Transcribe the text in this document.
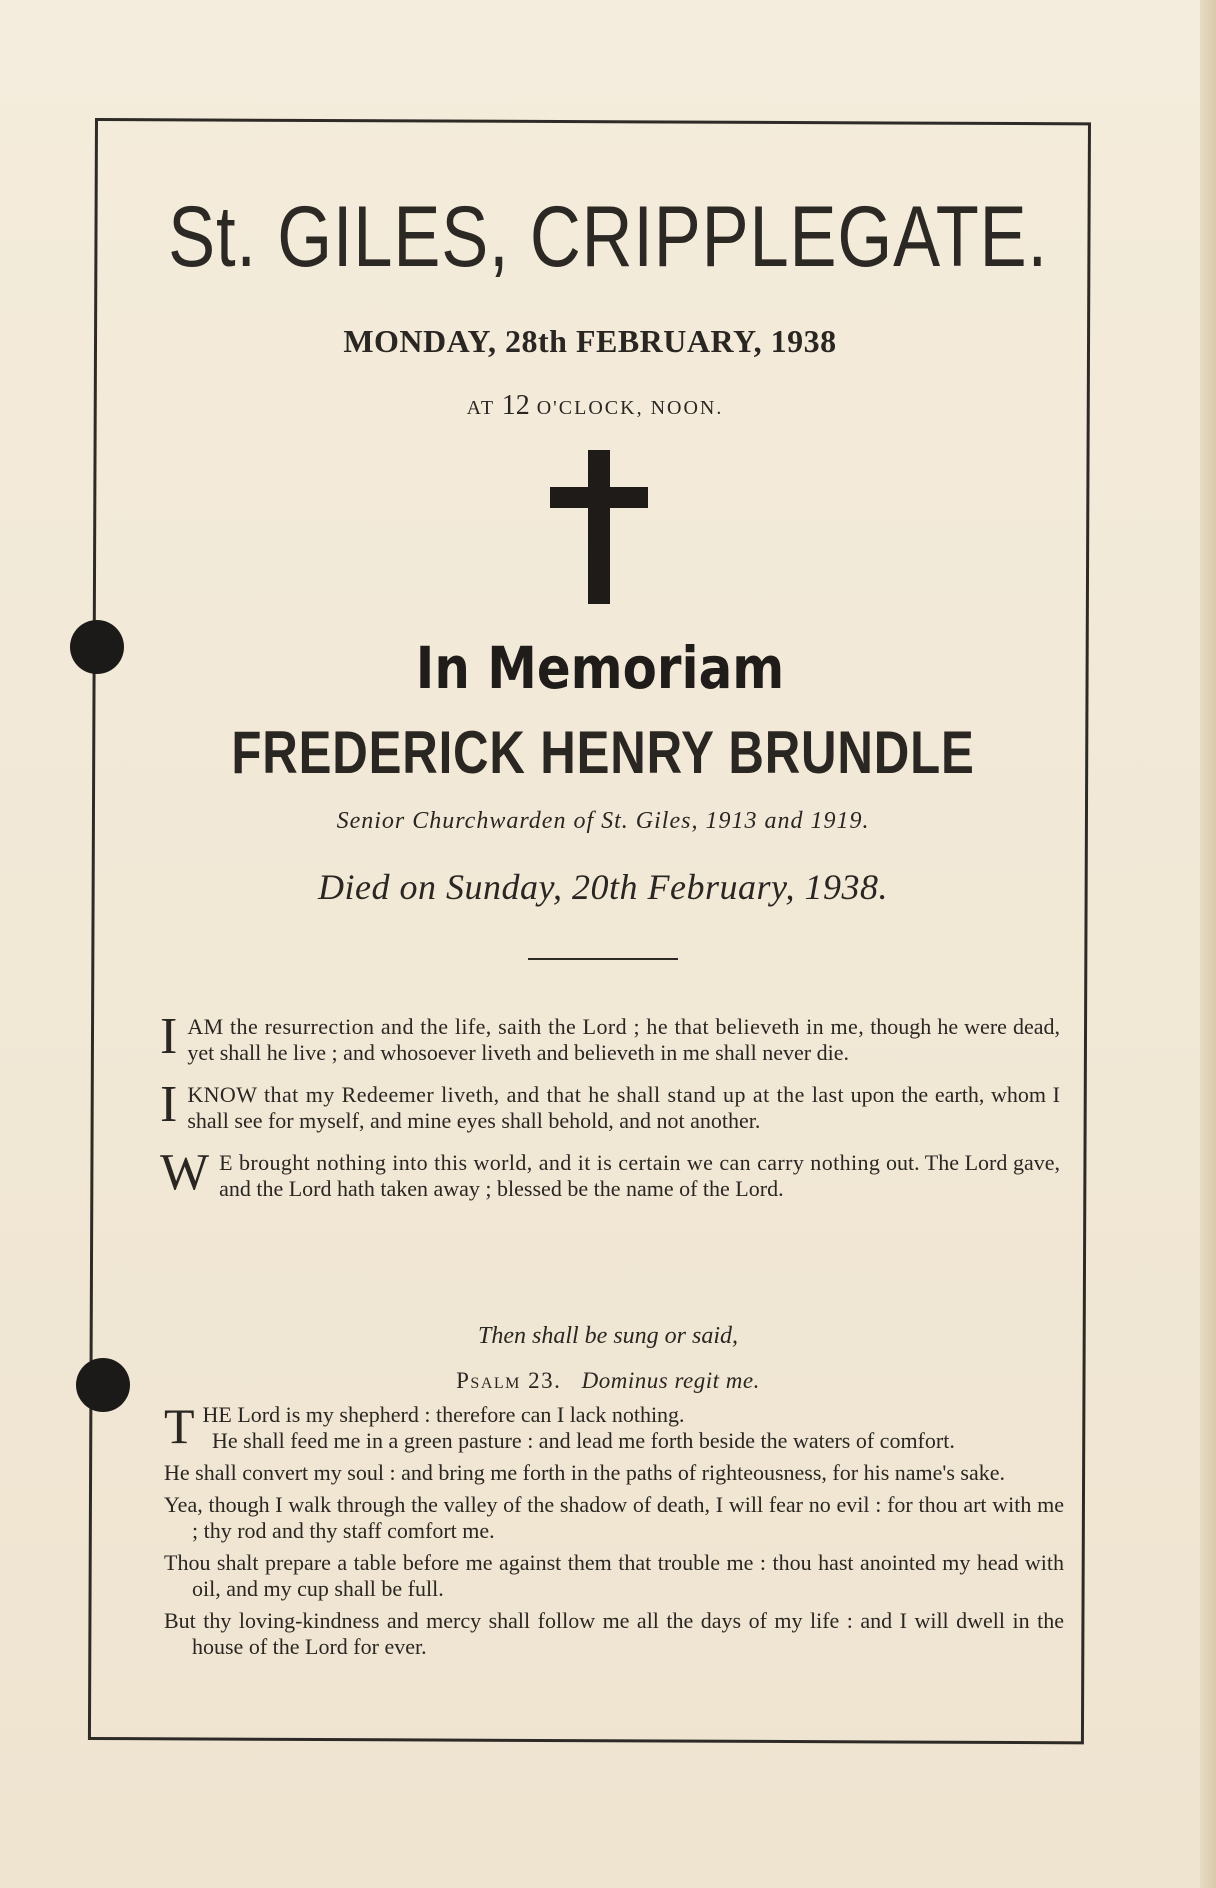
St. GILES, CRIPPLEGATE.
MONDAY, 28th FEBRUARY, 1938
AT 12 O'CLOCK, NOON.
In Memoriam
FREDERICK HENRY BRUNDLE
Senior Churchwarden of St. Giles, 1913 and 1919.
Died on Sunday, 20th February, 1938.
I AM the resurrection and the life, saith the Lord ; he that believeth in me, though he were dead, yet shall he live ; and whosoever liveth and believeth in me shall never die.
I KNOW that my Redeemer liveth, and that he shall stand up at the last upon the earth, whom I shall see for myself, and mine eyes shall behold, and not another.
W E brought nothing into this world, and it is certain we can carry nothing out. The Lord gave, and the Lord hath taken away ; blessed be the name of the Lord.
Then shall be sung or said,
Psalm 23. Dominus regit me.
T HE Lord is my shepherd : therefore can I lack nothing.
He shall feed me in a green pasture : and lead me forth beside the waters of comfort.
He shall convert my soul : and bring me forth in the paths of righteousness, for his name's sake.
Yea, though I walk through the valley of the shadow of death, I will fear no evil : for thou art with me ; thy rod and thy staff comfort me.
Thou shalt prepare a table before me against them that trouble me : thou hast anointed my head with oil, and my cup shall be full.
But thy loving-kindness and mercy shall follow me all the days of my life : and I will dwell in the house of the Lord for ever.
